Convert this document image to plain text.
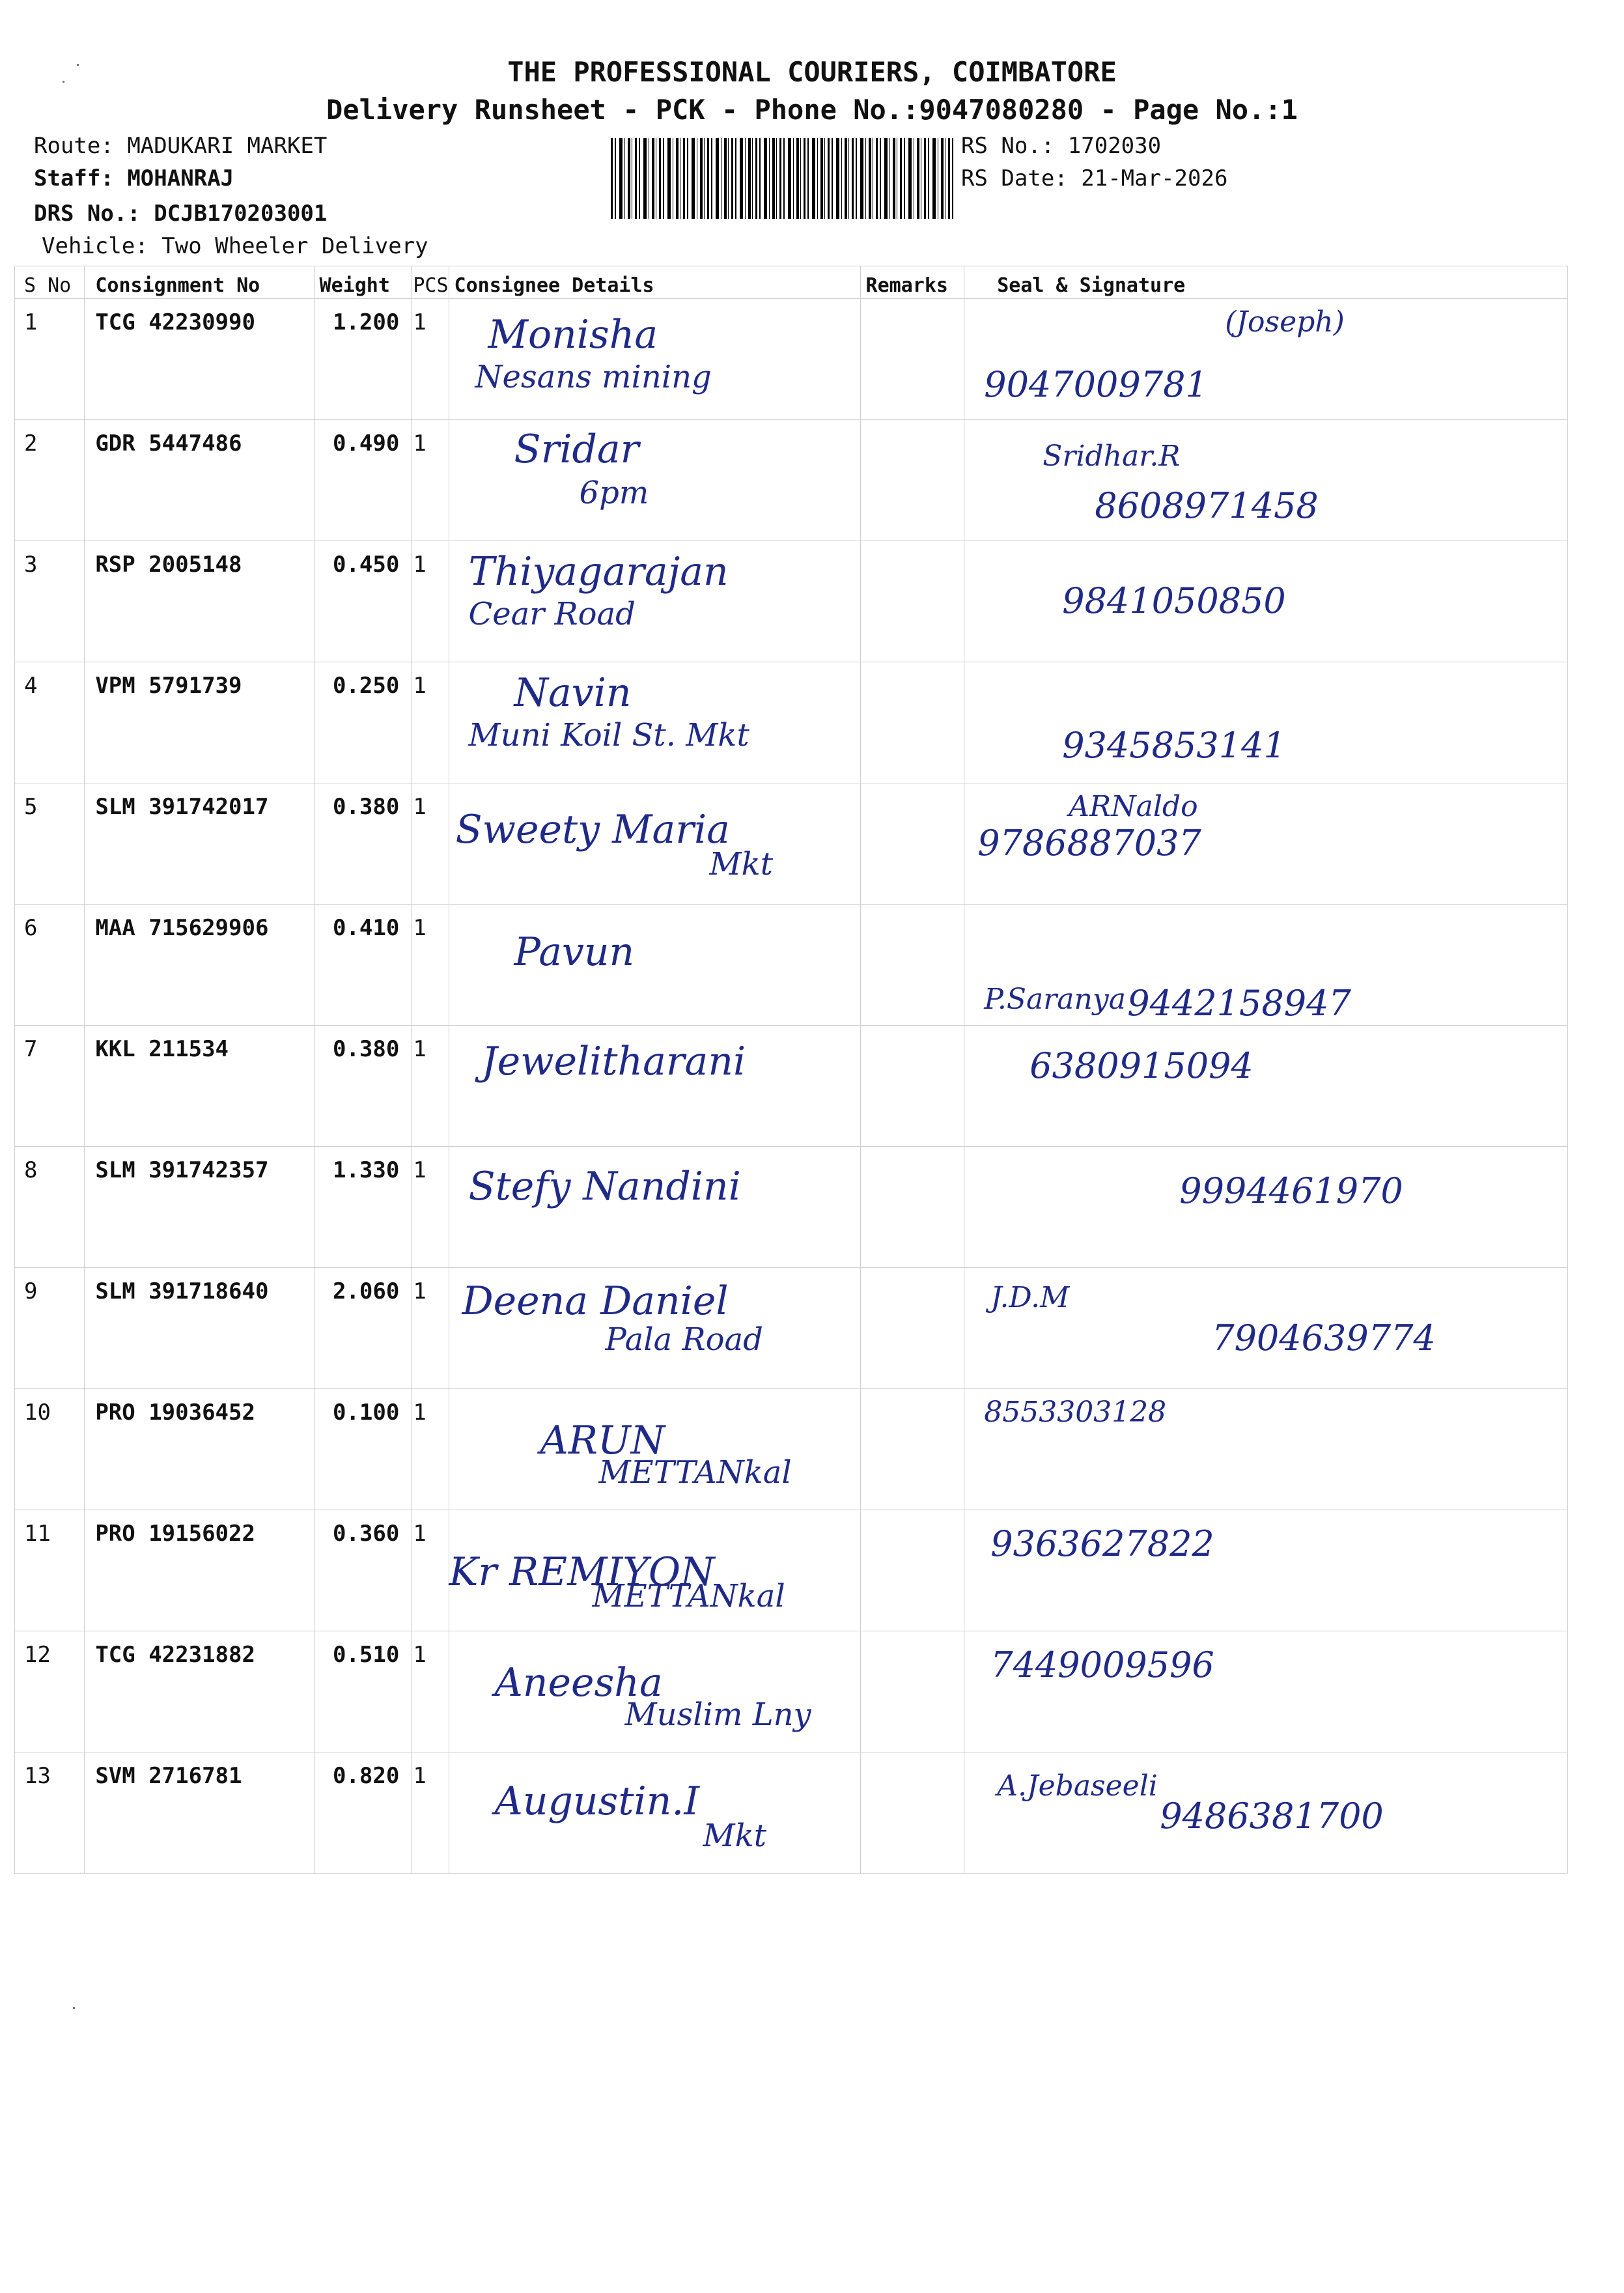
THE PROFESSIONAL COURIERS, COIMBATORE
Delivery Runsheet - PCK - Phone No.:9047080280 - Page No.:1
Route: MADUKARI MARKET
Staff: MOHANRAJ
DRS No.: DCJB170203001
Vehicle: Two Wheeler Delivery
RS No.: 1702030
RS Date: 21-Mar-2026
S No	Consignment No	Weight	PCS	Consignee Details	Remarks	Seal & Signature
1	TCG 42230990	1.200	1	Monisha
Nesans mining		(Joseph)
9047009781

2	GDR 5447486	0.490	1	Sridar
6pm		Sridhar.R
8608971458

3	RSP 2005148	0.450	1	Thiyagarajan
Cear Road		9841050850

4	VPM 5791739	0.250	1	Navin
Muni Koil St. Mkt		9345853141

5	SLM 391742017	0.380	1	Sweety Maria
Mkt		ARNaldo
9786887037

6	MAA 715629906	0.410	1	Pavun		P.Saranya 9442158947

7	KKL 211534	0.380	1	Jewelitharani		6380915094

8	SLM 391742357	1.330	1	Stefy Nandini		9994461970

9	SLM 391718640	2.060	1	Deena Daniel
Pala Road		J.D.M
7904639774

10	PRO 19036452	0.100	1	ARUN
METTANkal		8553303128

11	PRO 19156022	0.360	1	Kr REMIYON
METTANkal		9363627822

12	TCG 42231882	0.510	1	Aneesha
Muslim Lny		7449009596

13	SVM 2716781	0.820	1	Augustin.I
Mkt		A.Jebaseeli
9486381700
